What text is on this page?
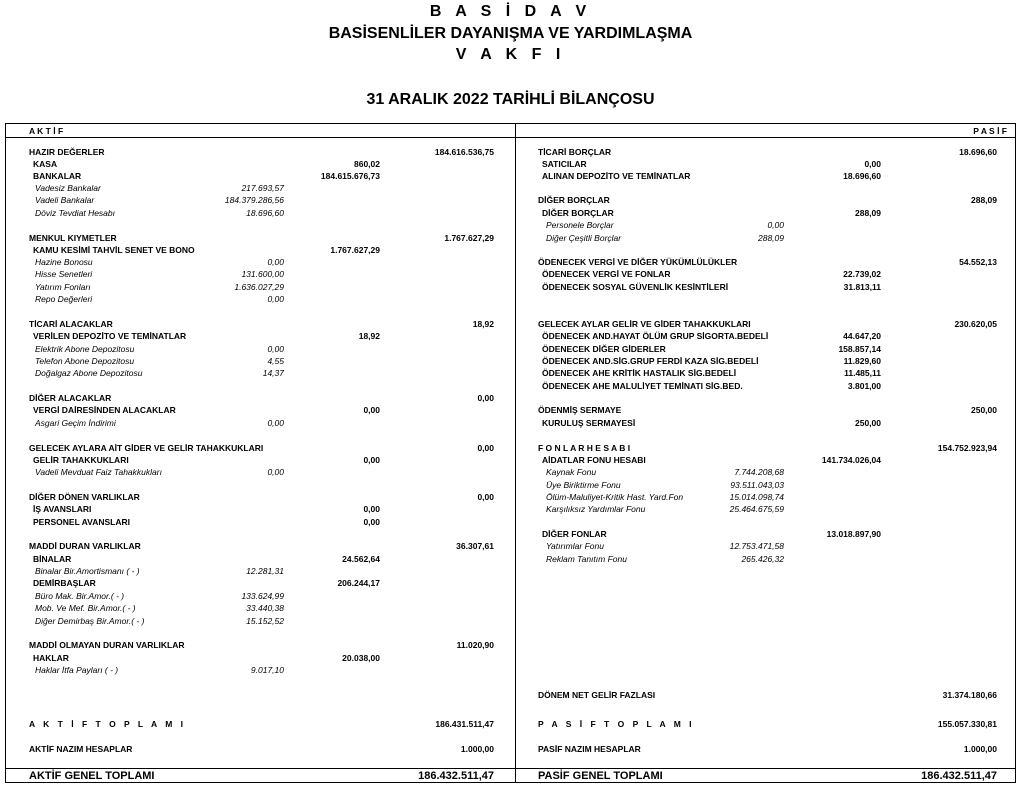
B A S İ D A V
BASİSENLİLER DAYANIŞMA VE YARDIMLAŞMA
V A K F I
31 ARALIK 2022 TARİHLİ BİLANÇOSU
A K T İ F	P A S İ F
HAZIR DEĞERLER	184.616.536,75
KASA	860,02
BANKALAR	184.615.676,73
Vadesiz Bankalar	217.693,57
Vadeli Bankalar	184.379.286,56
Döviz Tevdiat Hesabı	18.696,60
MENKUL KIYMETLER	1.767.627,29
KAMU KESİMİ TAHVİL SENET VE BONO	1.767.627,29
Hazine Bonosu	0,00
Hisse Senetleri	131.600,00
Yatırım Fonları	1.636.027,29
Repo Değerleri	0,00
TİCARİ ALACAKLAR	18,92
VERİLEN DEPOZİTO VE TEMİNATLAR	18,92
Elektrik Abone Depozitosu	0,00
Telefon Abone Depozitosu	4,55
Doğalgaz Abone Depozitosu	14,37
DİĞER ALACAKLAR	0,00
VERGİ DAİRESİNDEN ALACAKLAR	0,00
Asgari Geçim İndirimi	0,00
GELECEK AYLARA AİT GİDER VE GELİR TAHAKKUKLARI	0,00
GELİR TAHAKKUKLARI	0,00
Vadeli Mevduat Faiz Tahakkukları	0,00
DİĞER DÖNEN VARLIKLAR	0,00
İŞ AVANSLARI	0,00
PERSONEL AVANSLARI	0,00
MADDİ DURAN VARLIKLAR	36.307,61
BİNALAR	24.562,64
Binalar Bir.Amortismanı ( - )	12.281,31
DEMİRBAŞLAR	206.244,17
Büro Mak. Bir.Amor.( - )	133.624,99
Mob. Ve Mef. Bir.Amor.( - )	33.440,38
Diğer Demirbaş Bir.Amor.( - )	15.152,52
MADDİ OLMAYAN DURAN VARLIKLAR	11.020,90
HAKLAR	20.038,00
Haklar İtfa Payları ( - )	9.017,10
TİCARİ BORÇLAR	18.696,60
SATICILAR	0,00
ALINAN DEPOZİTO VE TEMİNATLAR	18.696,60
DİĞER BORÇLAR	288,09
DİĞER BORÇLAR	288,09
Personele Borçlar	0,00
Diğer Çeşitli Borçlar	288,09
ÖDENECEK VERGİ VE DİĞER YÜKÜMLÜLÜKLER	54.552,13
ÖDENECEK VERGİ VE FONLAR	22.739,02
ÖDENECEK SOSYAL GÜVENLİK KESİNTİLERİ	31.813,11
GELECEK AYLAR GELİR VE GİDER TAHAKKUKLARI	230.620,05
ÖDENECEK AND.HAYAT ÖLÜM GRUP SİGORTA.BEDELİ	44.647,20
ÖDENECEK DİĞER GİDERLER	158.857,14
ÖDENECEK AND.SİG.GRUP FERDİ KAZA SİG.BEDELİ	11.829,60
ÖDENECEK AHE KRİTİK HASTALIK SİG.BEDELİ	11.485,11
ÖDENECEK AHE MALULİYET TEMİNATI SİG.BED.	3.801,00
ÖDENMİŞ SERMAYE	250,00
KURULUŞ SERMAYESİ	250,00
F O N L A R H E S A B I	154.752.923,94
AİDATLAR FONU HESABI	141.734.026,04
Kaynak Fonu	7.744.208,68
Üye Biriktirme Fonu	93.511.043,03
Ölüm-Maluliyet-Kritik Hast. Yard.Fon	15.014.098,74
Karşılıksız Yardımlar Fonu	25.464.675,59
DİĞER FONLAR	13.018.897,90
Yatırımlar Fonu	12.753.471,58
Reklam Tanıtım Fonu	265.426,32
DÖNEM NET GELİR FAZLASI	31.374.180,66
A K T İ F T O P L A M I	186.431.511,47	P A S İ F T O P L A M I	155.057.330,81
AKTİF NAZIM HESAPLAR	1.000,00	PASİF NAZIM HESAPLAR	1.000,00
AKTİF GENEL TOPLAMI	186.432.511,47	PASİF GENEL TOPLAMI	186.432.511,47
